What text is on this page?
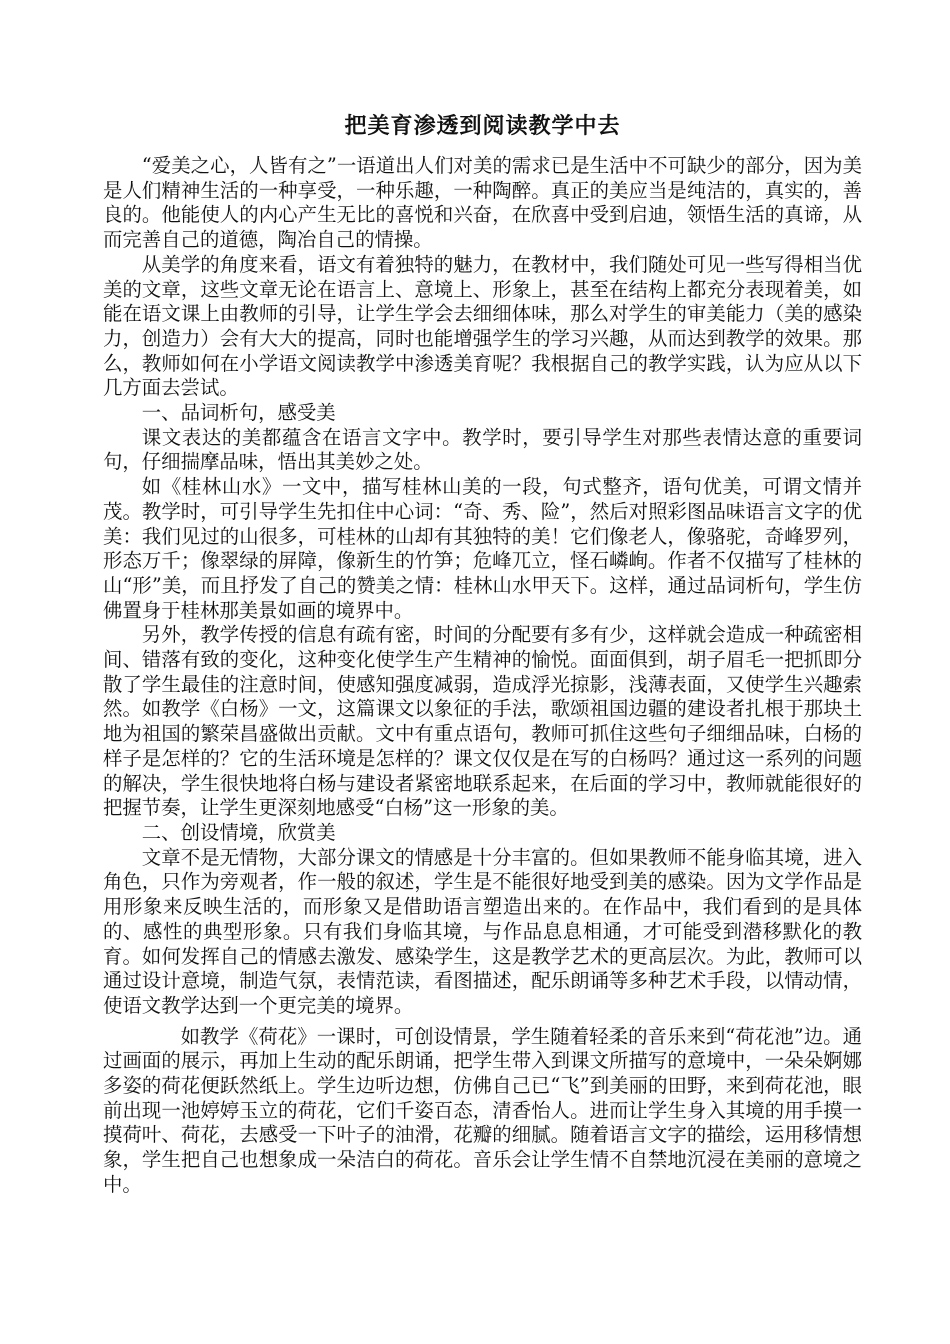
把美育渗透到阅读教学中去

“爱美之心，人皆有之”一语道出人们对美的需求已是生活中不可缺少的部分，因为美是人们精神生活的一种享受，一种乐趣，一种陶醉。真正的美应当是纯洁的，真实的，善良的。他能使人的内心产生无比的喜悦和兴奋，在欣喜中受到启迪，领悟生活的真谛，从而完善自己的道德，陶冶自己的情操。

从美学的角度来看，语文有着独特的魅力，在教材中，我们随处可见一些写得相当优美的文章，这些文章无论在语言上、意境上、形象上，甚至在结构上都充分表现着美，如能在语文课上由教师的引导，让学生学会去细细体味，那么对学生的审美能力（美的感染力，创造力）会有大大的提高，同时也能增强学生的学习兴趣，从而达到教学的效果。那么，教师如何在小学语文阅读教学中渗透美育呢？我根据自己的教学实践，认为应从以下几方面去尝试。

一、品词析句，感受美

课文表达的美都蕴含在语言文字中。教学时，要引导学生对那些表情达意的重要词句，仔细揣摩品味，悟出其美妙之处。

如《桂林山水》一文中，描写桂林山美的一段，句式整齐，语句优美，可谓文情并茂。教学时，可引导学生先扣住中心词：“奇、秀、险”，然后对照彩图品味语言文字的优美：我们见过的山很多，可桂林的山却有其独特的美！它们像老人，像骆驼，奇峰罗列，形态万千；像翠绿的屏障，像新生的竹笋；危峰兀立，怪石嶙峋。作者不仅描写了桂林的山“形”美，而且抒发了自己的赞美之情：桂林山水甲天下。这样，通过品词析句，学生仿佛置身于桂林那美景如画的境界中。

另外，教学传授的信息有疏有密，时间的分配要有多有少，这样就会造成一种疏密相间、错落有致的变化，这种变化使学生产生精神的愉悦。面面俱到，胡子眉毛一把抓即分散了学生最佳的注意时间，使感知强度减弱，造成浮光掠影，浅薄表面，又使学生兴趣索然。如教学《白杨》一文，这篇课文以象征的手法，歌颂祖国边疆的建设者扎根于那块土地为祖国的繁荣昌盛做出贡献。文中有重点语句，教师可抓住这些句子细细品味，白杨的样子是怎样的？它的生活环境是怎样的？课文仅仅是在写的白杨吗？通过这一系列的问题的解决，学生很快地将白杨与建设者紧密地联系起来，在后面的学习中，教师就能很好的把握节奏，让学生更深刻地感受“白杨”这一形象的美。

二、创设情境，欣赏美

文章不是无情物，大部分课文的情感是十分丰富的。但如果教师不能身临其境，进入角色，只作为旁观者，作一般的叙述，学生是不能很好地受到美的感染。因为文学作品是用形象来反映生活的，而形象又是借助语言塑造出来的。在作品中，我们看到的是具体的、感性的典型形象。只有我们身临其境，与作品息息相通，才可能受到潜移默化的教育。如何发挥自己的情感去激发、感染学生，这是教学艺术的更高层次。为此，教师可以通过设计意境，制造气氛，表情范读，看图描述，配乐朗诵等多种艺术手段，以情动情，使语文教学达到一个更完美的境界。

如教学《荷花》一课时，可创设情景，学生随着轻柔的音乐来到“荷花池”边。通过画面的展示，再加上生动的配乐朗诵，把学生带入到课文所描写的意境中，一朵朵婀娜多姿的荷花便跃然纸上。学生边听边想，仿佛自己已“飞”到美丽的田野，来到荷花池，眼前出现一池婷婷玉立的荷花，它们千姿百态，清香怡人。进而让学生身入其境的用手摸一摸荷叶、荷花，去感受一下叶子的油滑，花瓣的细腻。随着语言文字的描绘，运用移情想象，学生把自己也想象成一朵洁白的荷花。音乐会让学生情不自禁地沉浸在美丽的意境之中。
